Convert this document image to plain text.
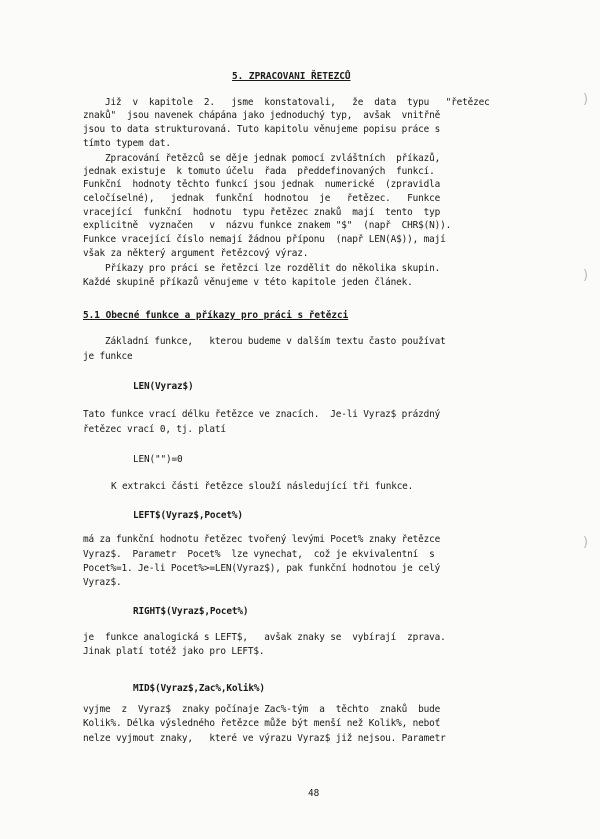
5. ZPRACOVANI ŘETEZCŮ

Již  v  kapitole  2.   jsme  konstatovali,   že  data  typu   "řetězec

znaků"  jsou navenek chápána jako jednoduchý typ,  avšak  vnitřně

jsou to data strukturovaná. Tuto kapitolu věnujeme popisu práce s

tímto typem dat.

Zpracování řetězců se děje jednak pomocí zvláštních  příkazů,

jednak existuje  k tomuto účelu  řada  předdefinovaných  funkcí.

Funkční  hodnoty těchto funkcí jsou jednak  numerické  (zpravidla

celočíselné),   jednak  funkční  hodnotou  je   řetězec.   Funkce

vracející  funkční  hodnotu  typu řetězec znaků  mají  tento  typ

explicitně  vyznačen   v  názvu funkce znakem "$"  (např  CHR$(N)).

Funkce vracející číslo nemají žádnou příponu  (např LEN(A$)), mají

však za některý argument řetězcový výraz.

Příkazy pro práci se řetězci lze rozdělit do několika skupin.

Každé skupině příkazů věnujeme v této kapitole jeden článek.

5.1 Obecné funkce a příkazy pro práci s řetězci

Základní funkce,   kterou budeme v dalším textu často používat

je funkce

LEN(Vyraz$)

Tato funkce vrací délku řetězce ve znacích.  Je-li Vyraz$ prázdný

řetězec vrací 0, tj. platí

LEN("")=0

K extrakci části řetězce slouží následující tři funkce.

LEFT$(Vyraz$,Pocet%)

má za funkční hodnotu řetězec tvořený levými Pocet% znaky řetězce

Vyraz$.  Parametr  Pocet%  lze vynechat,  což je ekvivalentní  s

Pocet%=1. Je-li Pocet%>=LEN(Vyraz$), pak funkční hodnotou je celý

Vyraz$.

RIGHT$(Vyraz$,Pocet%)

je  funkce analogická s LEFT$,   avšak znaky se  vybírají  zprava.

Jinak platí totéž jako pro LEFT$.

MID$(Vyraz$,Zac%,Kolik%)

vyjme  z  Vyraz$  znaky počínaje Zac%-tým  a  těchto  znaků  bude

Kolik%. Délka výsledného řetězce může být menší než Kolik%, neboť

nelze vyjmout znaky,   které ve výrazu Vyraz$ již nejsou. Parametr

48

)
)
)
